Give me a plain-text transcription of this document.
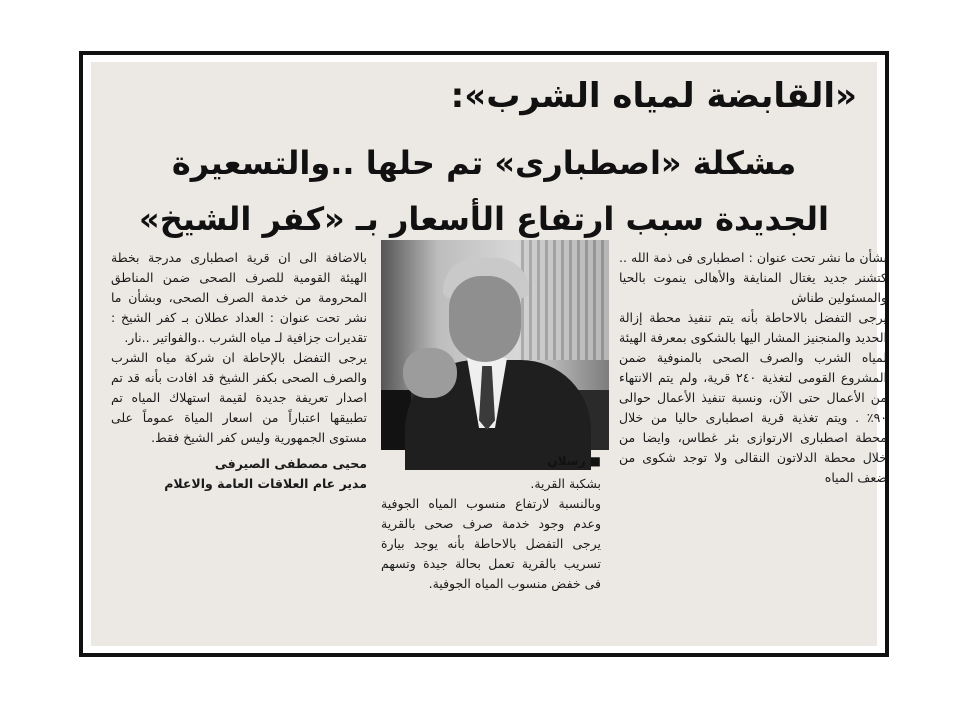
«القابضة لمياه الشرب»:
مشكلة «اصطبارى» تم حلها ..والتسعيرة
الجديدة سبب ارتفاع الأسعار بـ «كفر الشيخ»

بشأن ما نشر تحت عنوان : اصطبارى فى ذمة الله .. كتشنر جديد يغتال المنايفة والأهالى ينموت بالحيا والمسئولين طناش

يرجى التفضل بالاحاطة بأنه يتم تنفيذ محطة إزالة الحديد والمنجنيز المشار اليها بالشكوى بمعرفة الهيئة لمياه الشرب والصرف الصحى بالمنوفية ضمن المشروع القومى لتغذية ٢٤٠ قرية، ولم يتم الانتهاء من الأعمال حتى الآن، ونسبة تنفيذ الأعمال حوالى ٩٠٪ . ويتم تغذية قرية اصطبارى حاليا من خلال محطة اصطبارى الارتوازى بئر غطاس، وايضا من خلال محطة الدلاتون النقالى ولا توجد شكوى من ضعف المياه

■ رسلان

بشكبة القرية.

وبالنسبة لارتفاع منسوب المياه الجوفية وعدم وجود خدمة صرف صحى بالقرية يرجى التفضل بالاحاطة بأنه يوجد بيارة تسريب بالقرية تعمل بحالة جيدة وتسهم فى خفض منسوب المياه الجوفية.

بالاضافة الى ان قرية اصطبارى مدرجة بخطة الهيئة القومية للصرف الصحى ضمن المناطق المحرومة من خدمة الصرف الصحى، وبشأن ما نشر تحت عنوان : العداد عطلان بـ كفر الشيخ : تقديرات جزافية لـ مياه الشرب ..والفواتير ..نار.

يرجى التفضل بالإحاطة ان شركة مياه الشرب والصرف الصحى بكفر الشيخ قد افادت بأنه قد تم اصدار تعريفة جديدة لقيمة استهلاك المياه تم تطبيقها اعتباراً من اسعار المياة عموماً على مستوى الجمهورية وليس كفر الشيخ فقط.

محيى مصطفى الصيرفى

مدير عام العلاقات العامة والاعلام
